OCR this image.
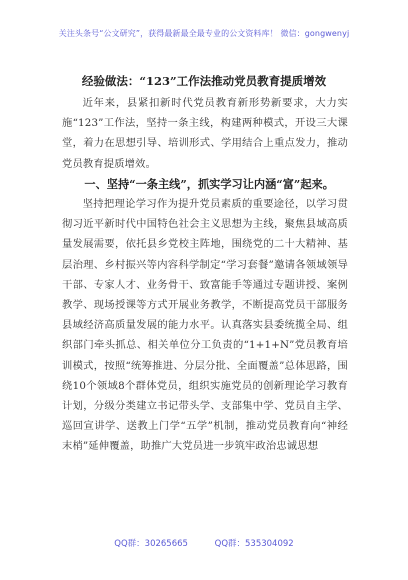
关注头条号“公文研究”，获得最新最全最专业的公文资料库！ 微信：gongwenyj
经验做法：“123”工作法推动党员教育提质增效

近年来，县紧扣新时代党员教育新形势新要求，大力实施“123”工作法，坚持一条主线，构建两种模式，开设三大课堂，着力在思想引导、培训形式、学用结合上重点发力，推动党员教育提质增效。

一、坚持“一条主线”，抓实学习让内涵“富”起来。

坚持把理论学习作为提升党员素质的重要途径，以学习贯彻习近平新时代中国特色社会主义思想为主线，聚焦县域高质量发展需要，依托县乡党校主阵地，围绕党的二十大精神、基层治理、乡村振兴等内容科学制定“学习套餐”邀请各领域领导干部、专家人才、业务骨干、致富能手等通过专题讲授、案例教学、现场授课等方式开展业务教学，不断提高党员干部服务县域经济高质量发展的能力水平。认真落实县委统揽全局、组织部门牵头抓总、相关单位分工负责的“1+1+N”党员教育培训模式，按照“统筹推进、分层分批、全面覆盖”总体思路，围绕10个领域8个群体党员，组织实施党员的创新理论学习教育计划，分级分类建立书记带头学、支部集中学、党员自主学、巡回宣讲学、送教上门学“五学”机制，推动党员教育向“神经末梢”延伸覆盖，助推广大党员进一步筑牢政治忠诚思想

QQ群：30265665	QQ群：535304092
